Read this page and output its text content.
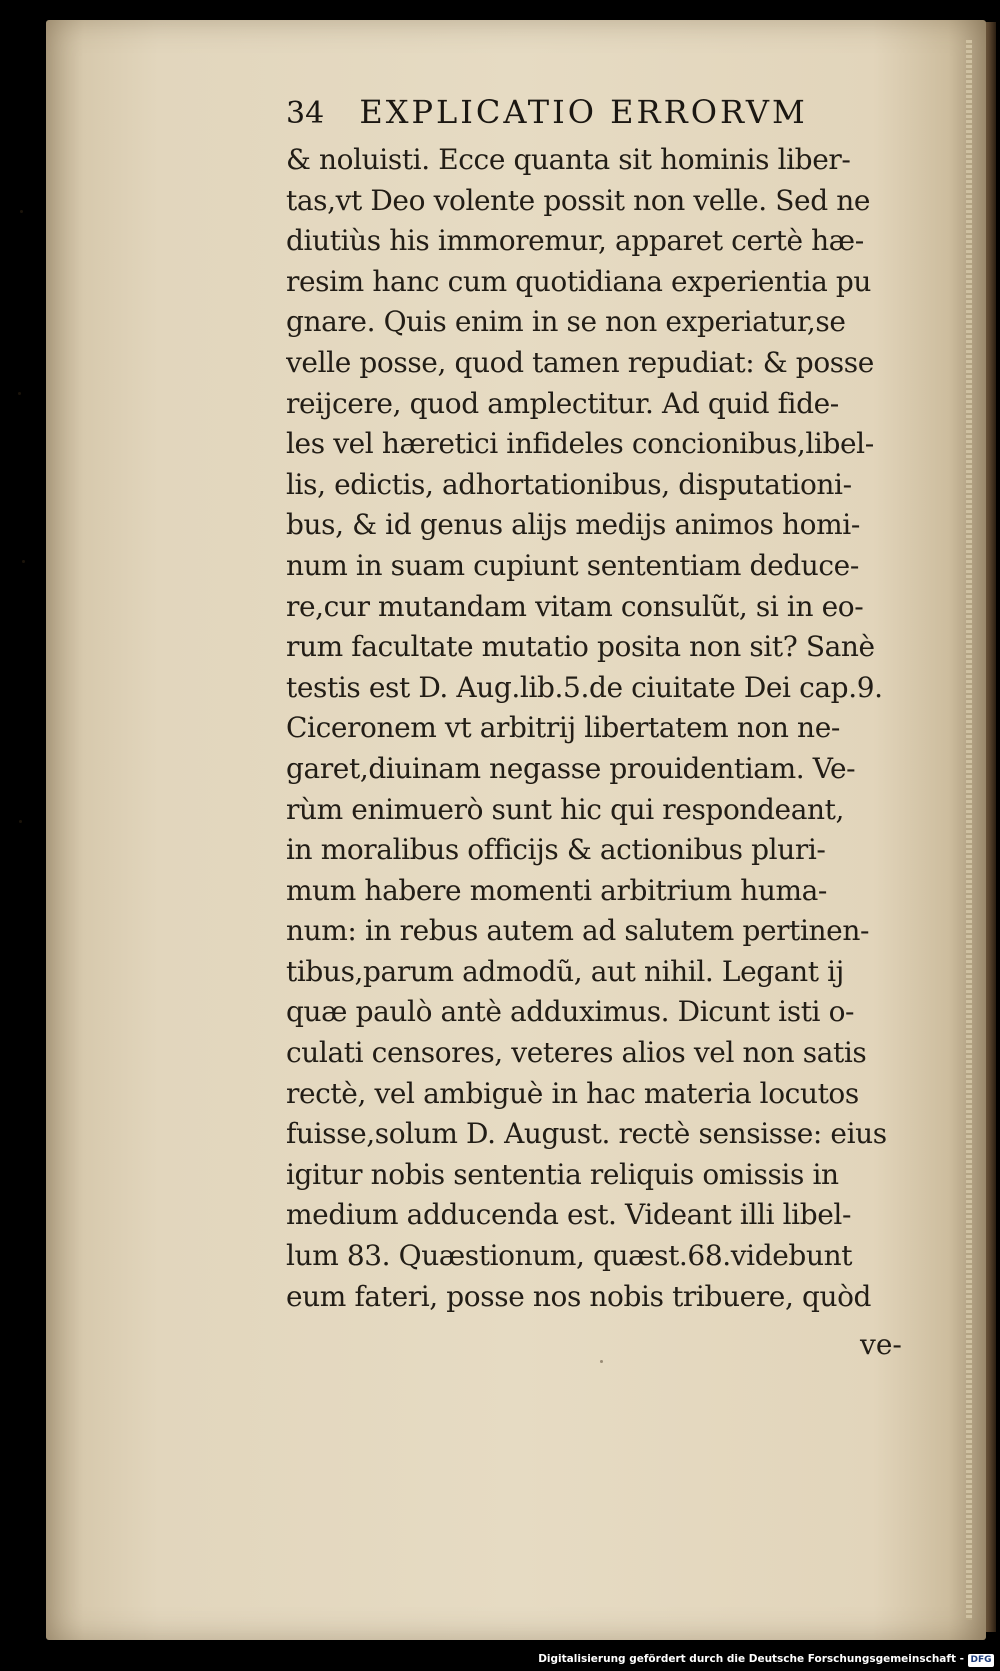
34 EXPLICATIO ERRORVM
& noluisti. Ecce quanta sit hominis liber-
tas,vt Deo volente possit non velle. Sed ne
diutiùs his immoremur, apparet certè hæ-
resim hanc cum quotidiana experientia pu
gnare. Quis enim in se non experiatur,se
velle posse, quod tamen repudiat: & posse
reijcere, quod amplectitur. Ad quid fide-
les vel hæretici infideles concionibus,libel-
lis, edictis, adhortationibus, disputationi-
bus, & id genus alijs medijs animos homi-
num in suam cupiunt sententiam deduce-
re,cur mutandam vitam consulũt, si in eo-
rum facultate mutatio posita non sit? Sanè
testis est D. Aug.lib.5.de ciuitate Dei cap.9.
Ciceronem vt arbitrij libertatem non ne-
garet,diuinam negasse prouidentiam. Ve-
rùm enimuerò sunt hic qui respondeant,
in moralibus officijs & actionibus pluri-
mum habere momenti arbitrium huma-
num: in rebus autem ad salutem pertinen-
tibus,parum admodũ, aut nihil. Legant ij
quæ paulò antè adduximus. Dicunt isti o-
culati censores, veteres alios vel non satis
rectè, vel ambiguè in hac materia locutos
fuisse,solum D. August. rectè sensisse: eius
igitur nobis sententia reliquis omissis in
medium adducenda est. Videant illi libel-
lum 83. Quæstionum, quæst.68.videbunt
eum fateri, posse nos nobis tribuere, quòd
ve-
Digitalisierung gefördert durch die Deutsche Forschungsgemeinschaft - DFG
